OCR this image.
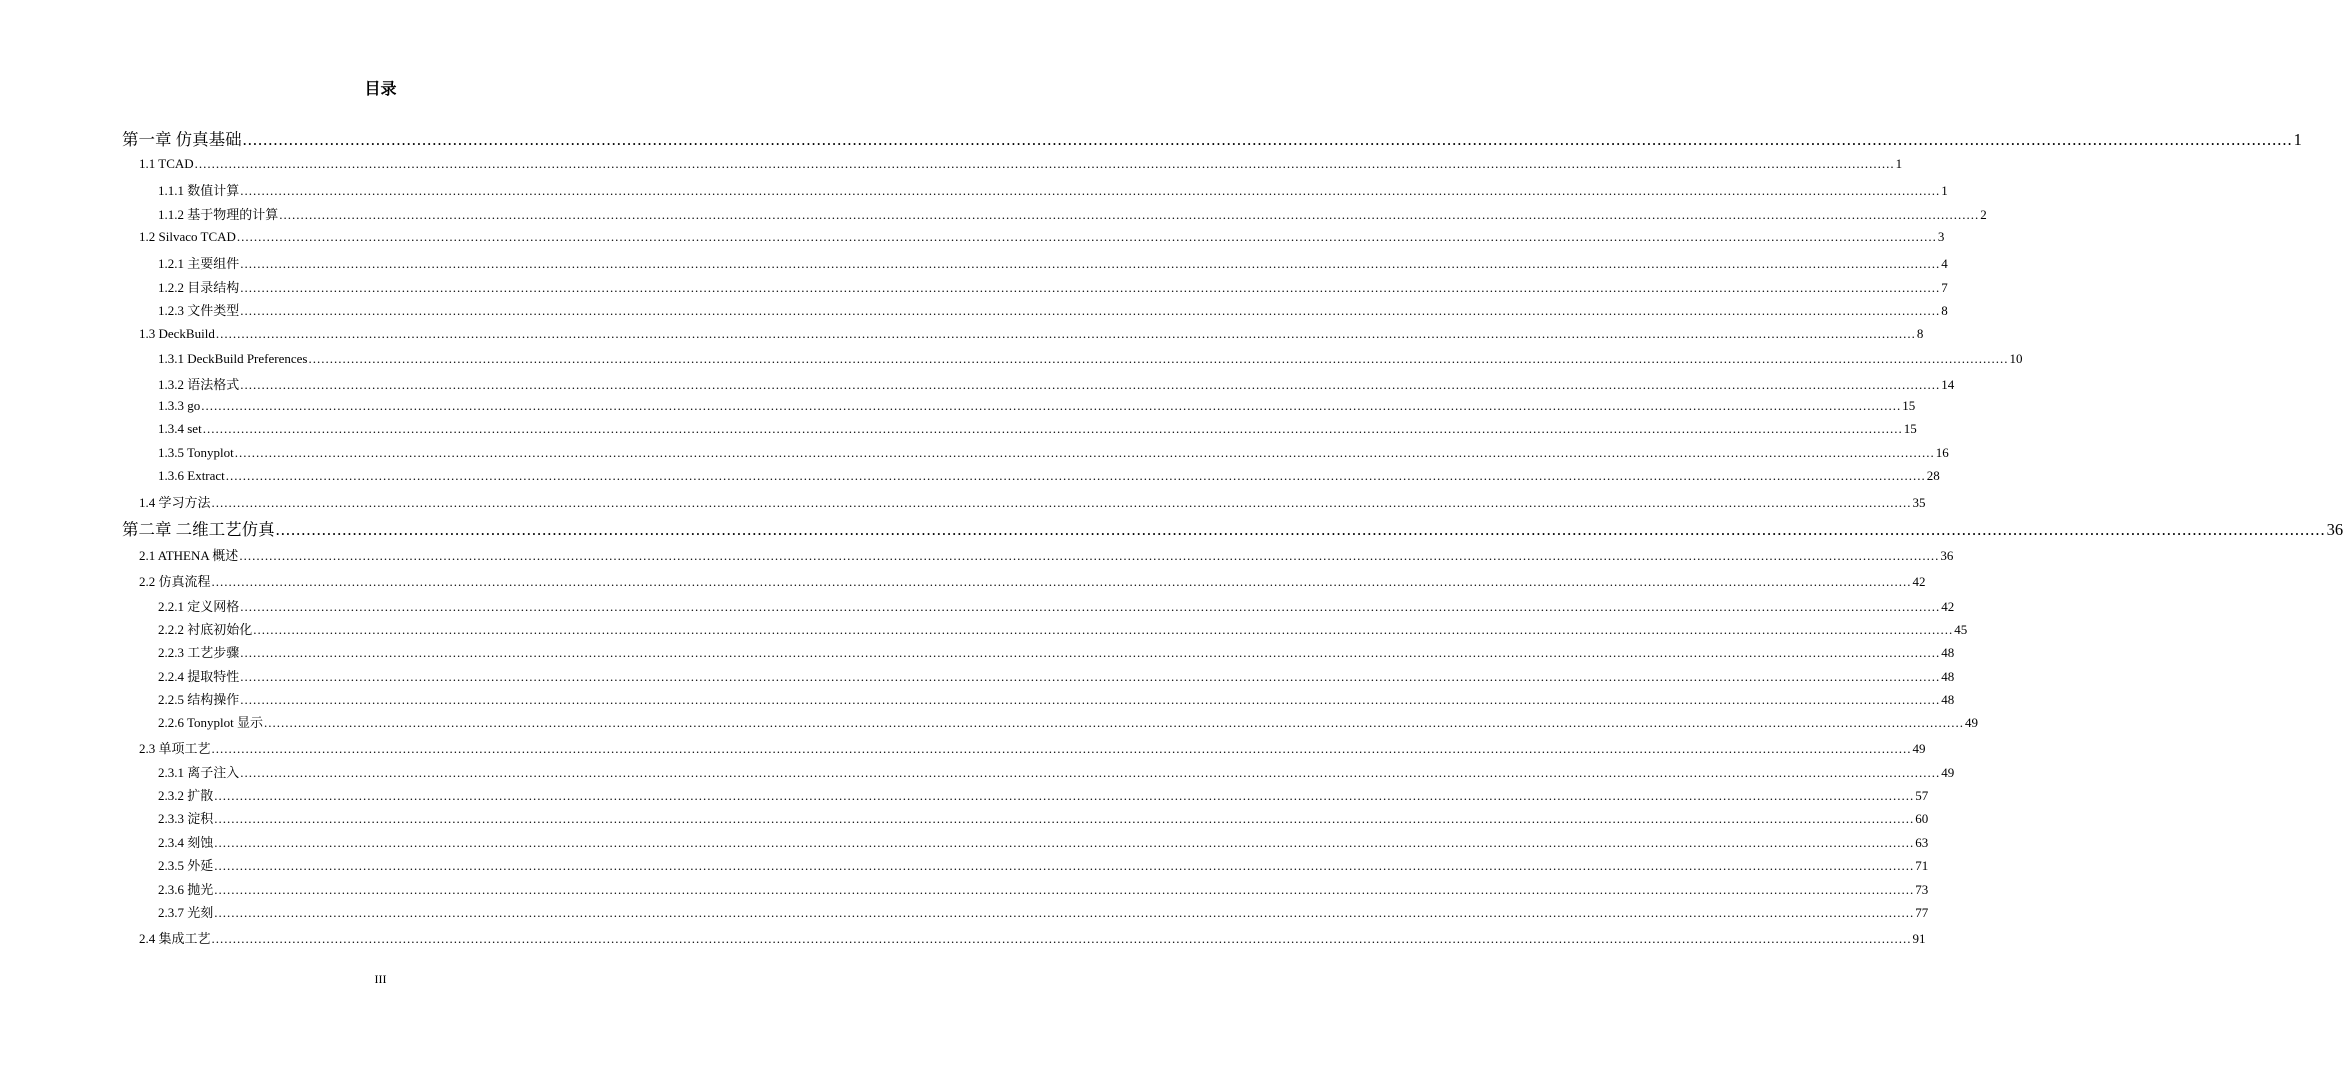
目录
第一章 仿真基础 ................................................................................................................................................................................................................................................................................................................................................................................................................ 1
1.1 TCAD ................................................................................................................................................................................................................................................................................................................................................................................................................ 1
1.1.1 数值计算 ................................................................................................................................................................................................................................................................................................................................................................................................................ 1
1.1.2 基于物理的计算 ................................................................................................................................................................................................................................................................................................................................................................................................................ 2
1.2 Silvaco TCAD ................................................................................................................................................................................................................................................................................................................................................................................................................ 3
1.2.1 主要组件 ................................................................................................................................................................................................................................................................................................................................................................................................................ 4
1.2.2 目录结构 ................................................................................................................................................................................................................................................................................................................................................................................................................ 7
1.2.3 文件类型 ................................................................................................................................................................................................................................................................................................................................................................................................................ 8
1.3 DeckBuild ................................................................................................................................................................................................................................................................................................................................................................................................................ 8
1.3.1 DeckBuild Preferences ................................................................................................................................................................................................................................................................................................................................................................................................................ 10
1.3.2 语法格式 ................................................................................................................................................................................................................................................................................................................................................................................................................ 14
1.3.3 go ................................................................................................................................................................................................................................................................................................................................................................................................................ 15
1.3.4 set ................................................................................................................................................................................................................................................................................................................................................................................................................ 15
1.3.5 Tonyplot ................................................................................................................................................................................................................................................................................................................................................................................................................ 16
1.3.6 Extract ................................................................................................................................................................................................................................................................................................................................................................................................................ 28
1.4 学习方法 ................................................................................................................................................................................................................................................................................................................................................................................................................ 35
第二章 二维工艺仿真 ................................................................................................................................................................................................................................................................................................................................................................................................................ 36
2.1 ATHENA 概述 ................................................................................................................................................................................................................................................................................................................................................................................................................ 36
2.2 仿真流程 ................................................................................................................................................................................................................................................................................................................................................................................................................ 42
2.2.1 定义网格 ................................................................................................................................................................................................................................................................................................................................................................................................................ 42
2.2.2 衬底初始化 ................................................................................................................................................................................................................................................................................................................................................................................................................ 45
2.2.3 工艺步骤 ................................................................................................................................................................................................................................................................................................................................................................................................................ 48
2.2.4 提取特性 ................................................................................................................................................................................................................................................................................................................................................................................................................ 48
2.2.5 结构操作 ................................................................................................................................................................................................................................................................................................................................................................................................................ 48
2.2.6 Tonyplot 显示 ................................................................................................................................................................................................................................................................................................................................................................................................................ 49
2.3 单项工艺 ................................................................................................................................................................................................................................................................................................................................................................................................................ 49
2.3.1 离子注入 ................................................................................................................................................................................................................................................................................................................................................................................................................ 49
2.3.2 扩散 ................................................................................................................................................................................................................................................................................................................................................................................................................ 57
2.3.3 淀积 ................................................................................................................................................................................................................................................................................................................................................................................................................ 60
2.3.4 刻蚀 ................................................................................................................................................................................................................................................................................................................................................................................................................ 63
2.3.5 外延 ................................................................................................................................................................................................................................................................................................................................................................................................................ 71
2.3.6 抛光 ................................................................................................................................................................................................................................................................................................................................................................................................................ 73
2.3.7 光刻 ................................................................................................................................................................................................................................................................................................................................................................................................................ 77
2.4 集成工艺 ................................................................................................................................................................................................................................................................................................................................................................................................................ 91
III
